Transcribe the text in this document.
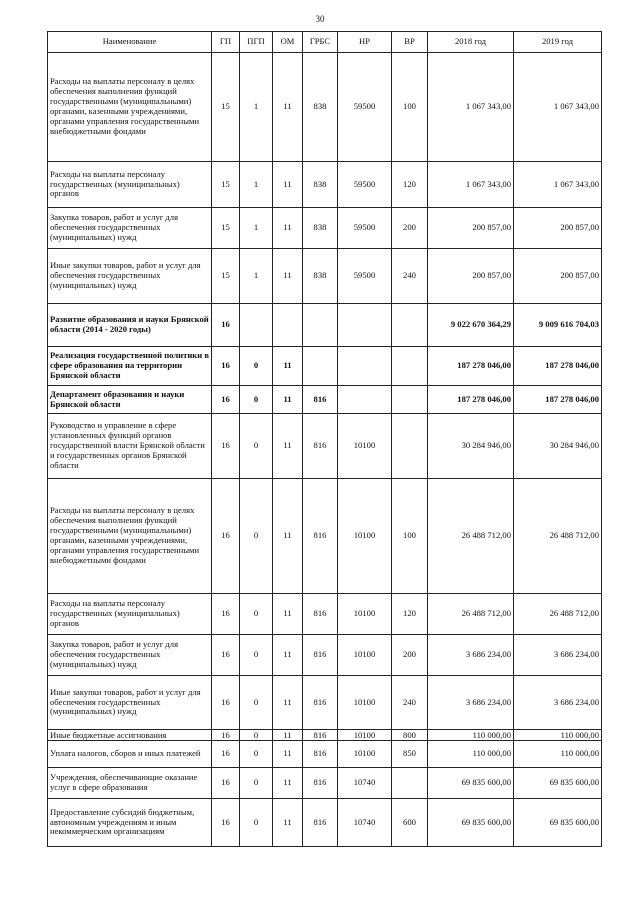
30
Наименование	ГП	ПГП	ОМ	ГРБС	НР	ВР	2018 год	2019 год
Расходы на выплаты персоналу в целях обеспечения выполнения функций государственными (муниципальными) органами, казенными учреждениями, органами управления государственными внебюджетными фондами	15	1	11	838	59500	100	1 067 343,00	1 067 343,00
Расходы на выплаты персоналу государственных (муниципальных) органов	15	1	11	838	59500	120	1 067 343,00	1 067 343,00
Закупка товаров, работ и услуг для обеспечения государственных (муниципальных) нужд	15	1	11	838	59500	200	200 857,00	200 857,00
Иные закупки товаров, работ и услуг для обеспечения государственных (муниципальных) нужд	15	1	11	838	59500	240	200 857,00	200 857,00
Развитие образования и науки Брянской области (2014 - 2020 годы)	16						9 022 670 364,29	9 009 616 704,03
Реализация государственной политики в сфере образования на территории Брянской области	16	0	11				187 278 046,00	187 278 046,00
Департамент образования и науки Брянской области	16	0	11	816			187 278 046,00	187 278 046,00
Руководство и управление в сфере установленных функций органов государственной власти Брянской области и государственных органов Брянской области	16	0	11	816	10100		30 284 946,00	30 284 946,00
Расходы на выплаты персоналу в целях обеспечения выполнения функций государственными (муниципальными) органами, казенными учреждениями, органами управления государственными внебюджетными фондами	16	0	11	816	10100	100	26 488 712,00	26 488 712,00
Расходы на выплаты персоналу государственных (муниципальных) органов	16	0	11	816	10100	120	26 488 712,00	26 488 712,00
Закупка товаров, работ и услуг для обеспечения государственных (муниципальных) нужд	16	0	11	816	10100	200	3 686 234,00	3 686 234,00
Иные закупки товаров, работ и услуг для обеспечения государственных (муниципальных) нужд	16	0	11	816	10100	240	3 686 234,00	3 686 234,00
Иные бюджетные ассигнования	16	0	11	816	10100	800	110 000,00	110 000,00
Уплата налогов, сборов и иных платежей	16	0	11	816	10100	850	110 000,00	110 000,00
Учреждения, обеспечивающие оказание услуг в сфере образования	16	0	11	816	10740		69 835 600,00	69 835 600,00
Предоставление субсидий бюджетным, автономным учреждениям и иным некоммерческим организациям	16	0	11	816	10740	600	69 835 600,00	69 835 600,00
